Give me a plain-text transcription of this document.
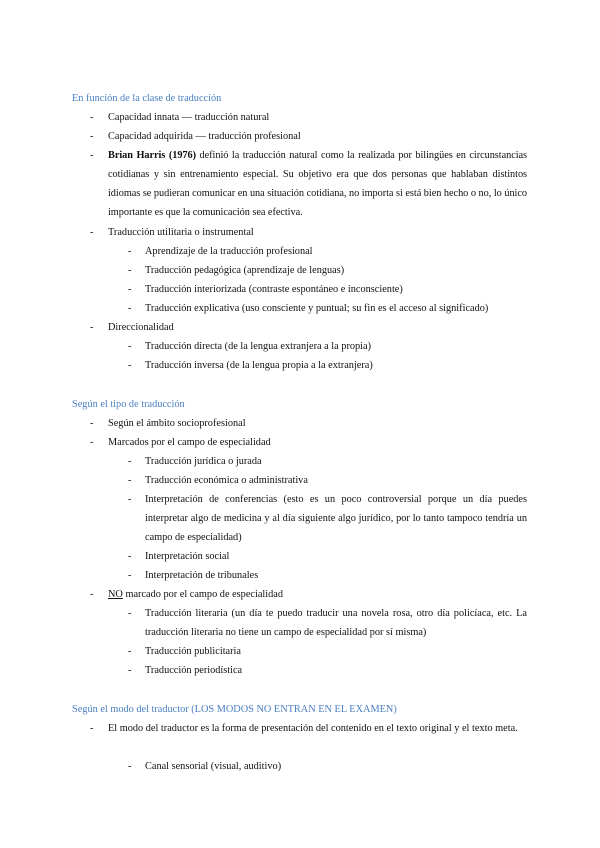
En función de la clase de traducción
- Capacidad innata — traducción natural
- Capacidad adquirida — traducción profesional
- Brian Harris (1976) definió la traducción natural como la realizada por bilingües en circunstancias cotidianas y sin entrenamiento especial. Su objetivo era que dos personas que hablaban distintos idiomas se pudieran comunicar en una situación cotidiana, no importa si está bien hecho o no, lo único importante es que la comunicación sea efectiva.
- Traducción utilitaria o instrumental
- Aprendizaje de la traducción profesional
- Traducción pedagógica (aprendizaje de lenguas)
- Traducción interiorizada (contraste espontáneo e inconsciente)
- Traducción explicativa (uso consciente y puntual; su fin es el acceso al significado)
- Direccionalidad
- Traducción directa (de la lengua extranjera a la propia)
- Traducción inversa (de la lengua propia a la extranjera)
Según el tipo de traducción
- Según el ámbito socioprofesional
- Marcados por el campo de especialidad
- Traducción jurídica o jurada
- Traducción económica o administrativa
- Interpretación de conferencias (esto es un poco controversial porque un día puedes interpretar algo de medicina y al día siguiente algo jurídico, por lo tanto tampoco tendría un campo de especialidad)
- Interpretación social
- Interpretación de tribunales
- NO marcado por el campo de especialidad
- Traducción literaria (un día te puedo traducir una novela rosa, otro día policíaca, etc. La traducción literaria no tiene un campo de especialidad por sí misma)
- Traducción publicitaria
- Traducción periodística
Según el modo del traductor (LOS MODOS NO ENTRAN EN EL EXAMEN)
- El modo del traductor es la forma de presentación del contenido en el texto original y el texto meta.
- Canal sensorial (visual, auditivo)
